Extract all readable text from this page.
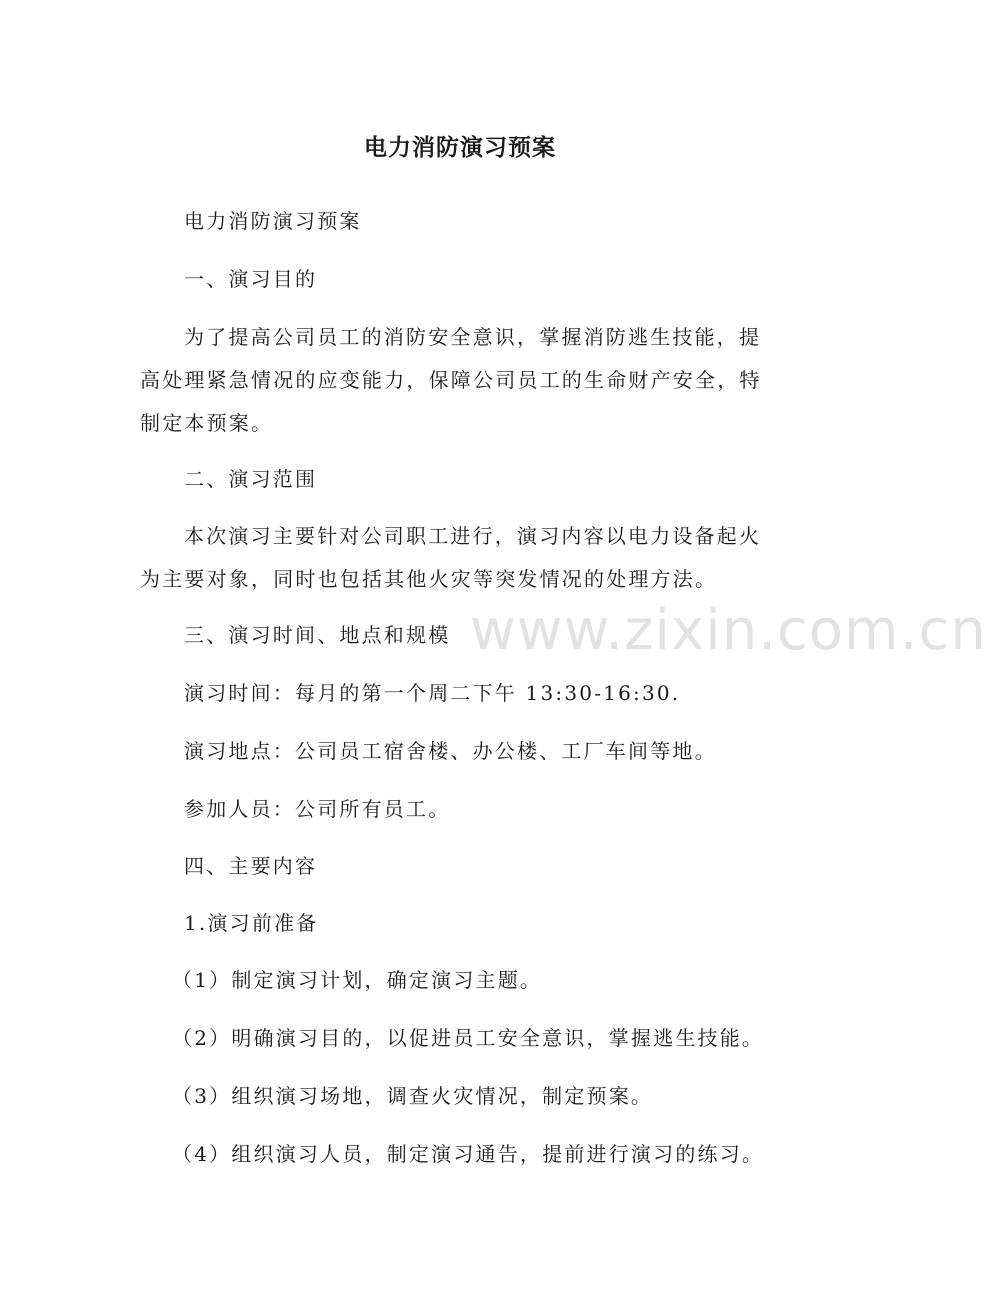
电力消防演习预案
电力消防演习预案
一、演习目的
为了提高公司员工的消防安全意识，掌握消防逃生技能，提高处理紧急情况的应变能力，保障公司员工的生命财产安全，特制定本预案。
二、演习范围
本次演习主要针对公司职工进行，演习内容以电力设备起火为主要对象，同时也包括其他火灾等突发情况的处理方法。
三、演习时间、地点和规模
演习时间：每月的第一个周二下午 13:30-16:30.
演习地点：公司员工宿舍楼、办公楼、工厂车间等地。
参加人员：公司所有员工。
四、主要内容
1.演习前准备
（1）制定演习计划，确定演习主题。
（2）明确演习目的，以促进员工安全意识，掌握逃生技能。
（3）组织演习场地，调查火灾情况，制定预案。
（4）组织演习人员，制定演习通告，提前进行演习的练习。
www.zixin.com.cn
